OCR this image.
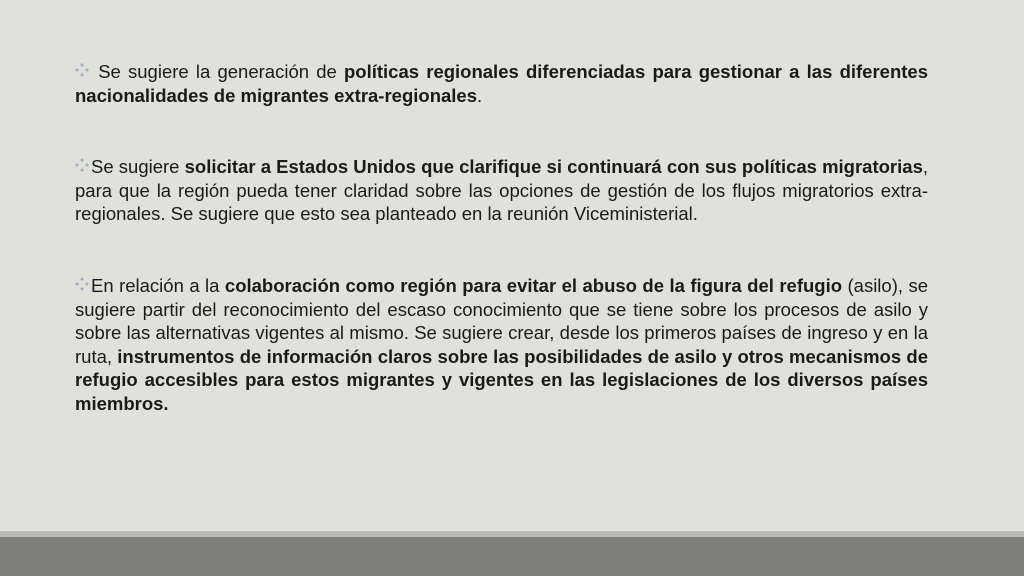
Se sugiere la generación de políticas regionales diferenciadas para gestionar a las diferentes nacionalidades de migrantes extra-regionales.

Se sugiere solicitar a Estados Unidos que clarifique si continuará con sus políticas migratorias, para que la región pueda tener claridad sobre las opciones de gestión de los flujos migratorios extra-regionales. Se sugiere que esto sea planteado en la reunión Viceministerial.

En relación a la colaboración como región para evitar el abuso de la figura del refugio (asilo), se sugiere partir del reconocimiento del escaso conocimiento que se tiene sobre los procesos de asilo y sobre las alternativas vigentes al mismo. Se sugiere crear, desde los primeros países de ingreso y en la ruta, instrumentos de información claros sobre las posibilidades de asilo y otros mecanismos de refugio accesibles para estos migrantes y vigentes en las legislaciones de los diversos países miembros.
